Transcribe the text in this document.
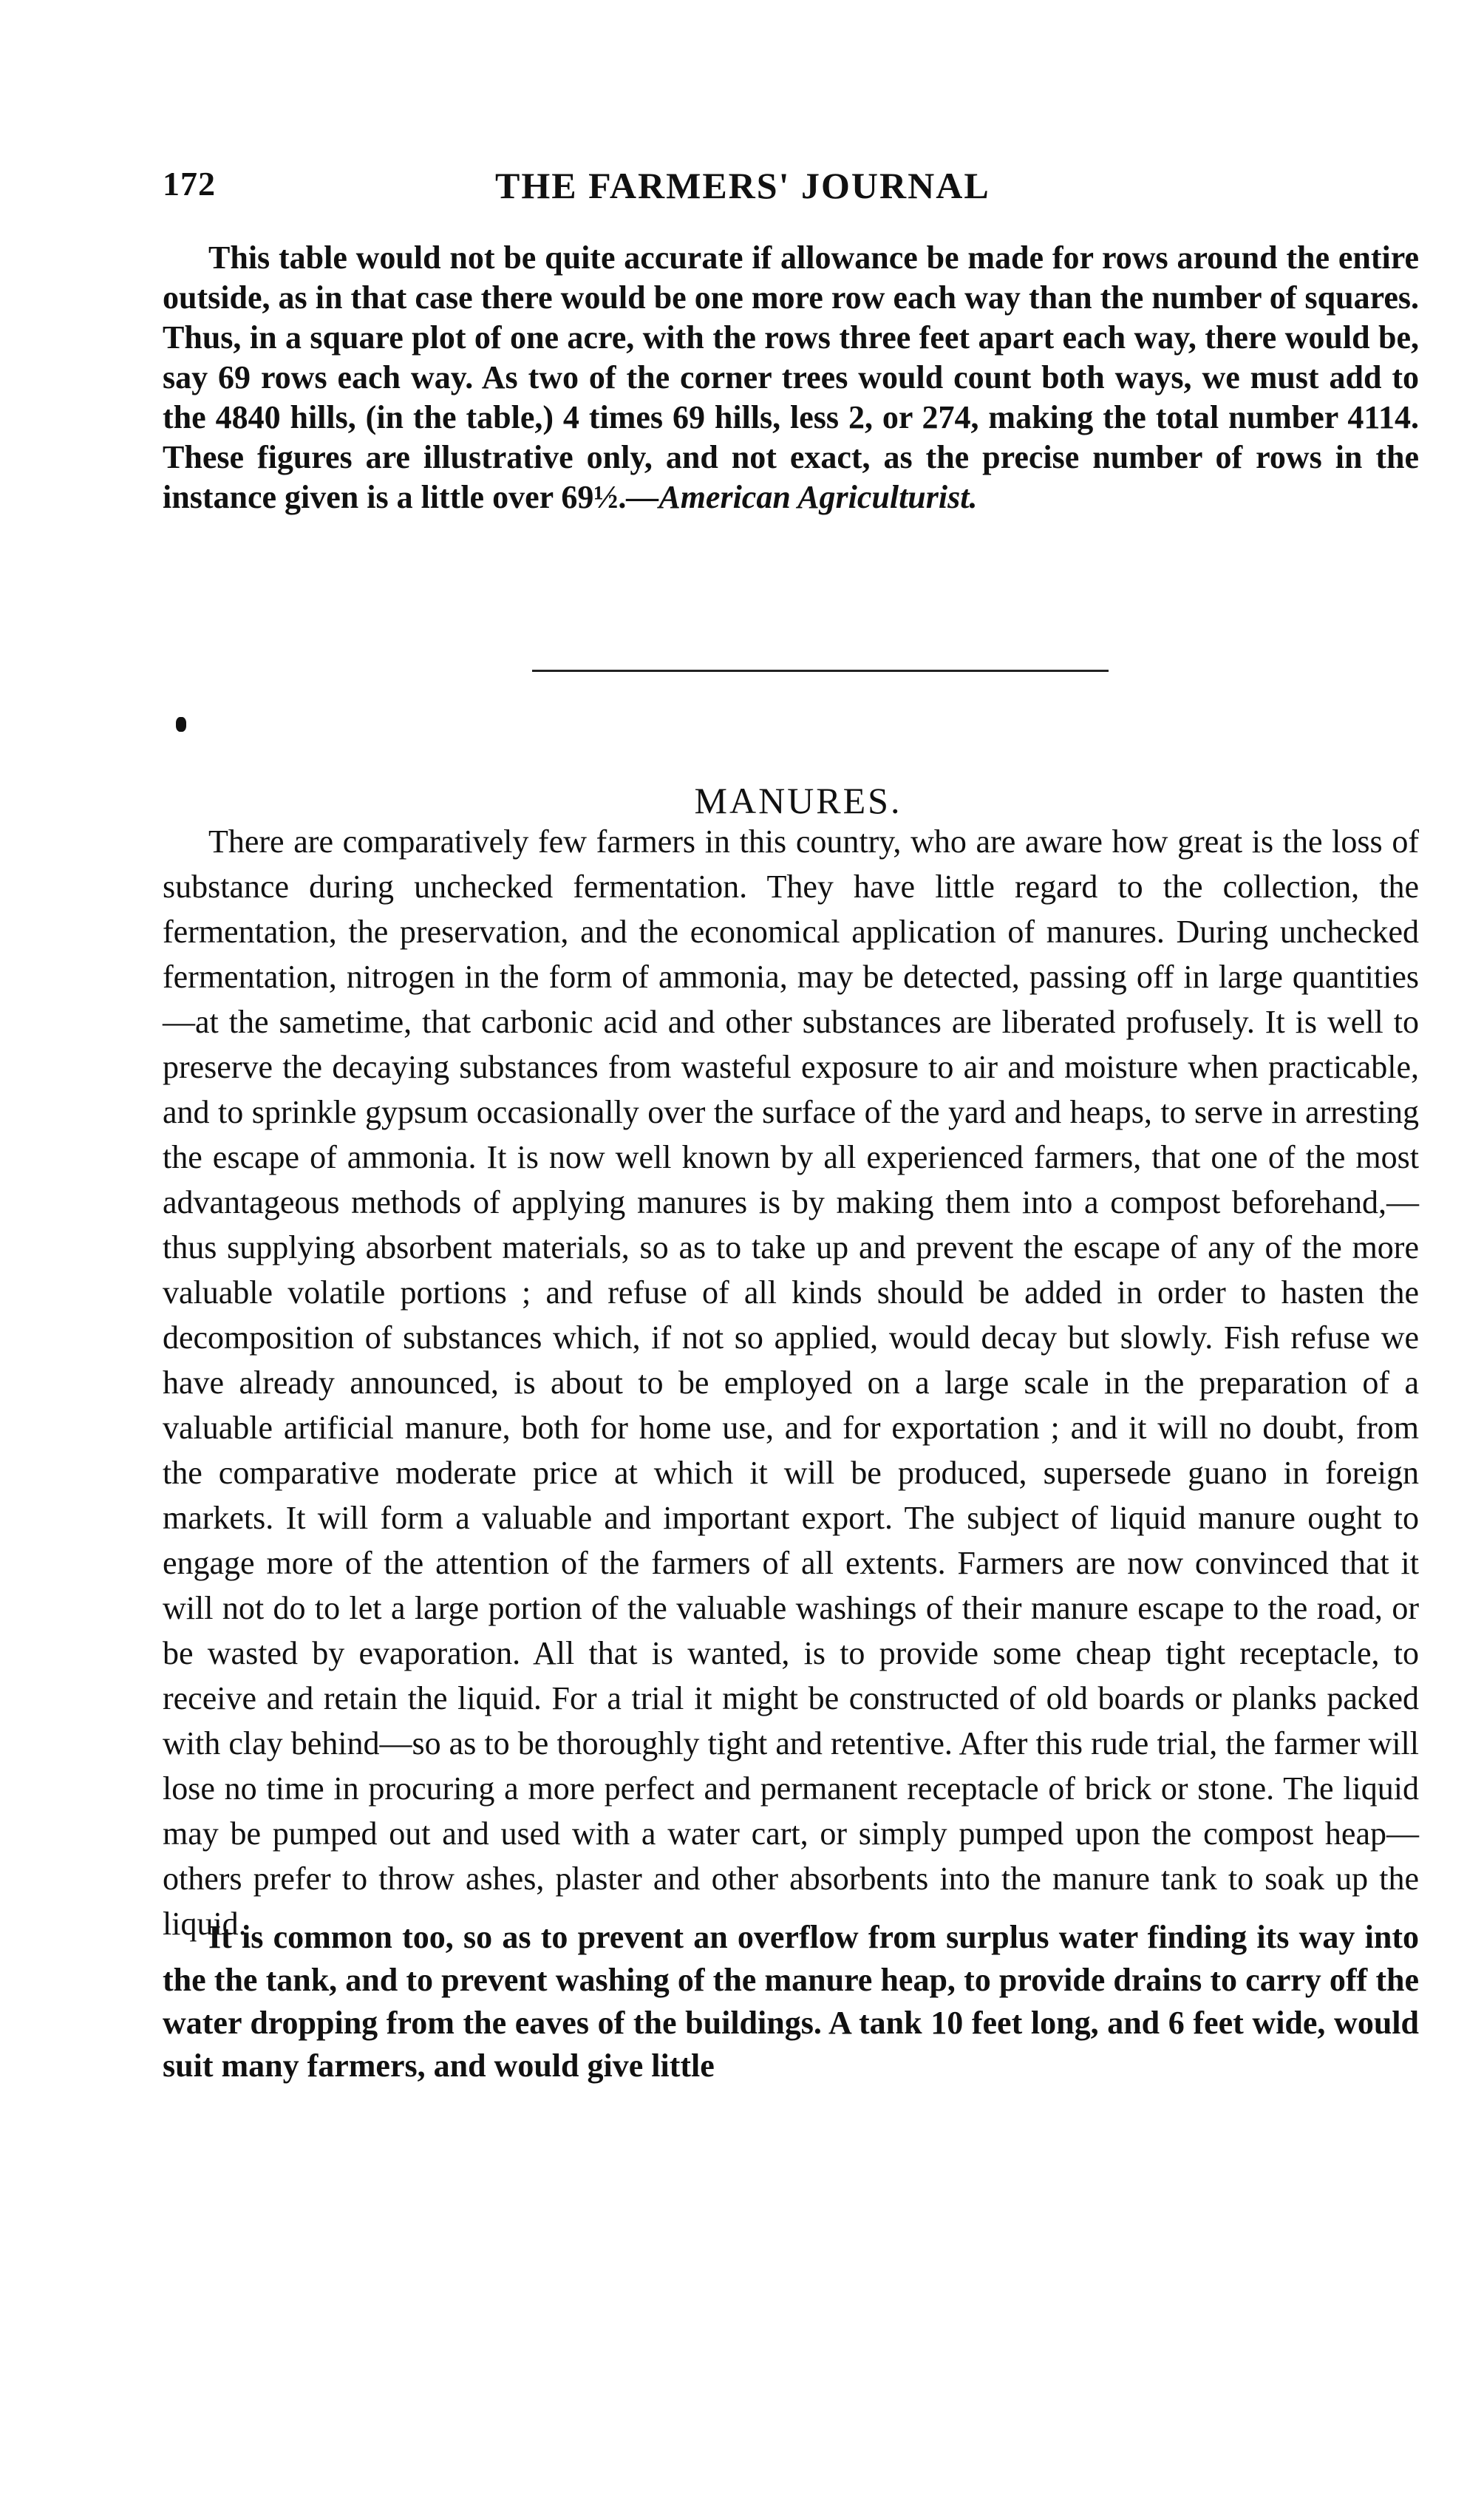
172	THE FARMERS' JOURNAL

This table would not be quite accurate if allowance be made for rows around the entire outside, as in that case there would be one more row each way than the number of squares. Thus, in a square plot of one acre, with the rows three feet apart each way, there would be, say 69 rows each way. As two of the corner trees would count both ways, we must add to the 4840 hills, (in the table,) 4 times 69 hills, less 2, or 274, making the total number 4114. These figures are illustrative only, and not exact, as the precise number of rows in the instance given is a little over 69½.—American Agriculturist.

MANURES.

There are comparatively few farmers in this country, who are aware how great is the loss of substance during unchecked fermentation. They have little regard to the collection, the fermentation, the preservation, and the economical application of manures. During unchecked fermentation, nitrogen in the form of ammonia, may be detected, passing off in large quantities—at the sametime, that carbonic acid and other substances are liberated profusely. It is well to preserve the decaying substances from wasteful exposure to air and moisture when practicable, and to sprinkle gypsum occasionally over the surface of the yard and heaps, to serve in arresting the escape of ammonia. It is now well known by all experienced farmers, that one of the most advantageous methods of applying manures is by making them into a compost beforehand,—thus supplying absorbent materials, so as to take up and prevent the escape of any of the more valuable volatile portions ; and refuse of all kinds should be added in order to hasten the decomposition of substances which, if not so applied, would decay but slowly. Fish refuse we have already announced, is about to be employed on a large scale in the preparation of a valuable artificial manure, both for home use, and for exportation ; and it will no doubt, from the comparative moderate price at which it will be produced, supersede guano in foreign markets. It will form a valuable and important export. The subject of liquid manure ought to engage more of the attention of the farmers of all extents. Farmers are now convinced that it will not do to let a large portion of the valuable washings of their manure escape to the road, or be wasted by evaporation. All that is wanted, is to provide some cheap tight receptacle, to receive and retain the liquid. For a trial it might be constructed of old boards or planks packed with clay behind—so as to be thoroughly tight and retentive. After this rude trial, the farmer will lose no time in procuring a more perfect and permanent receptacle of brick or stone. The liquid may be pumped out and used with a water cart, or simply pumped upon the compost heap—others prefer to throw ashes, plaster and other absorbents into the manure tank to soak up the liquid.

It is common too, so as to prevent an overflow from surplus water finding its way into the the tank, and to prevent washing of the manure heap, to provide drains to carry off the water dropping from the eaves of the buildings. A tank 10 feet long, and 6 feet wide, would suit many farmers, and would give little
